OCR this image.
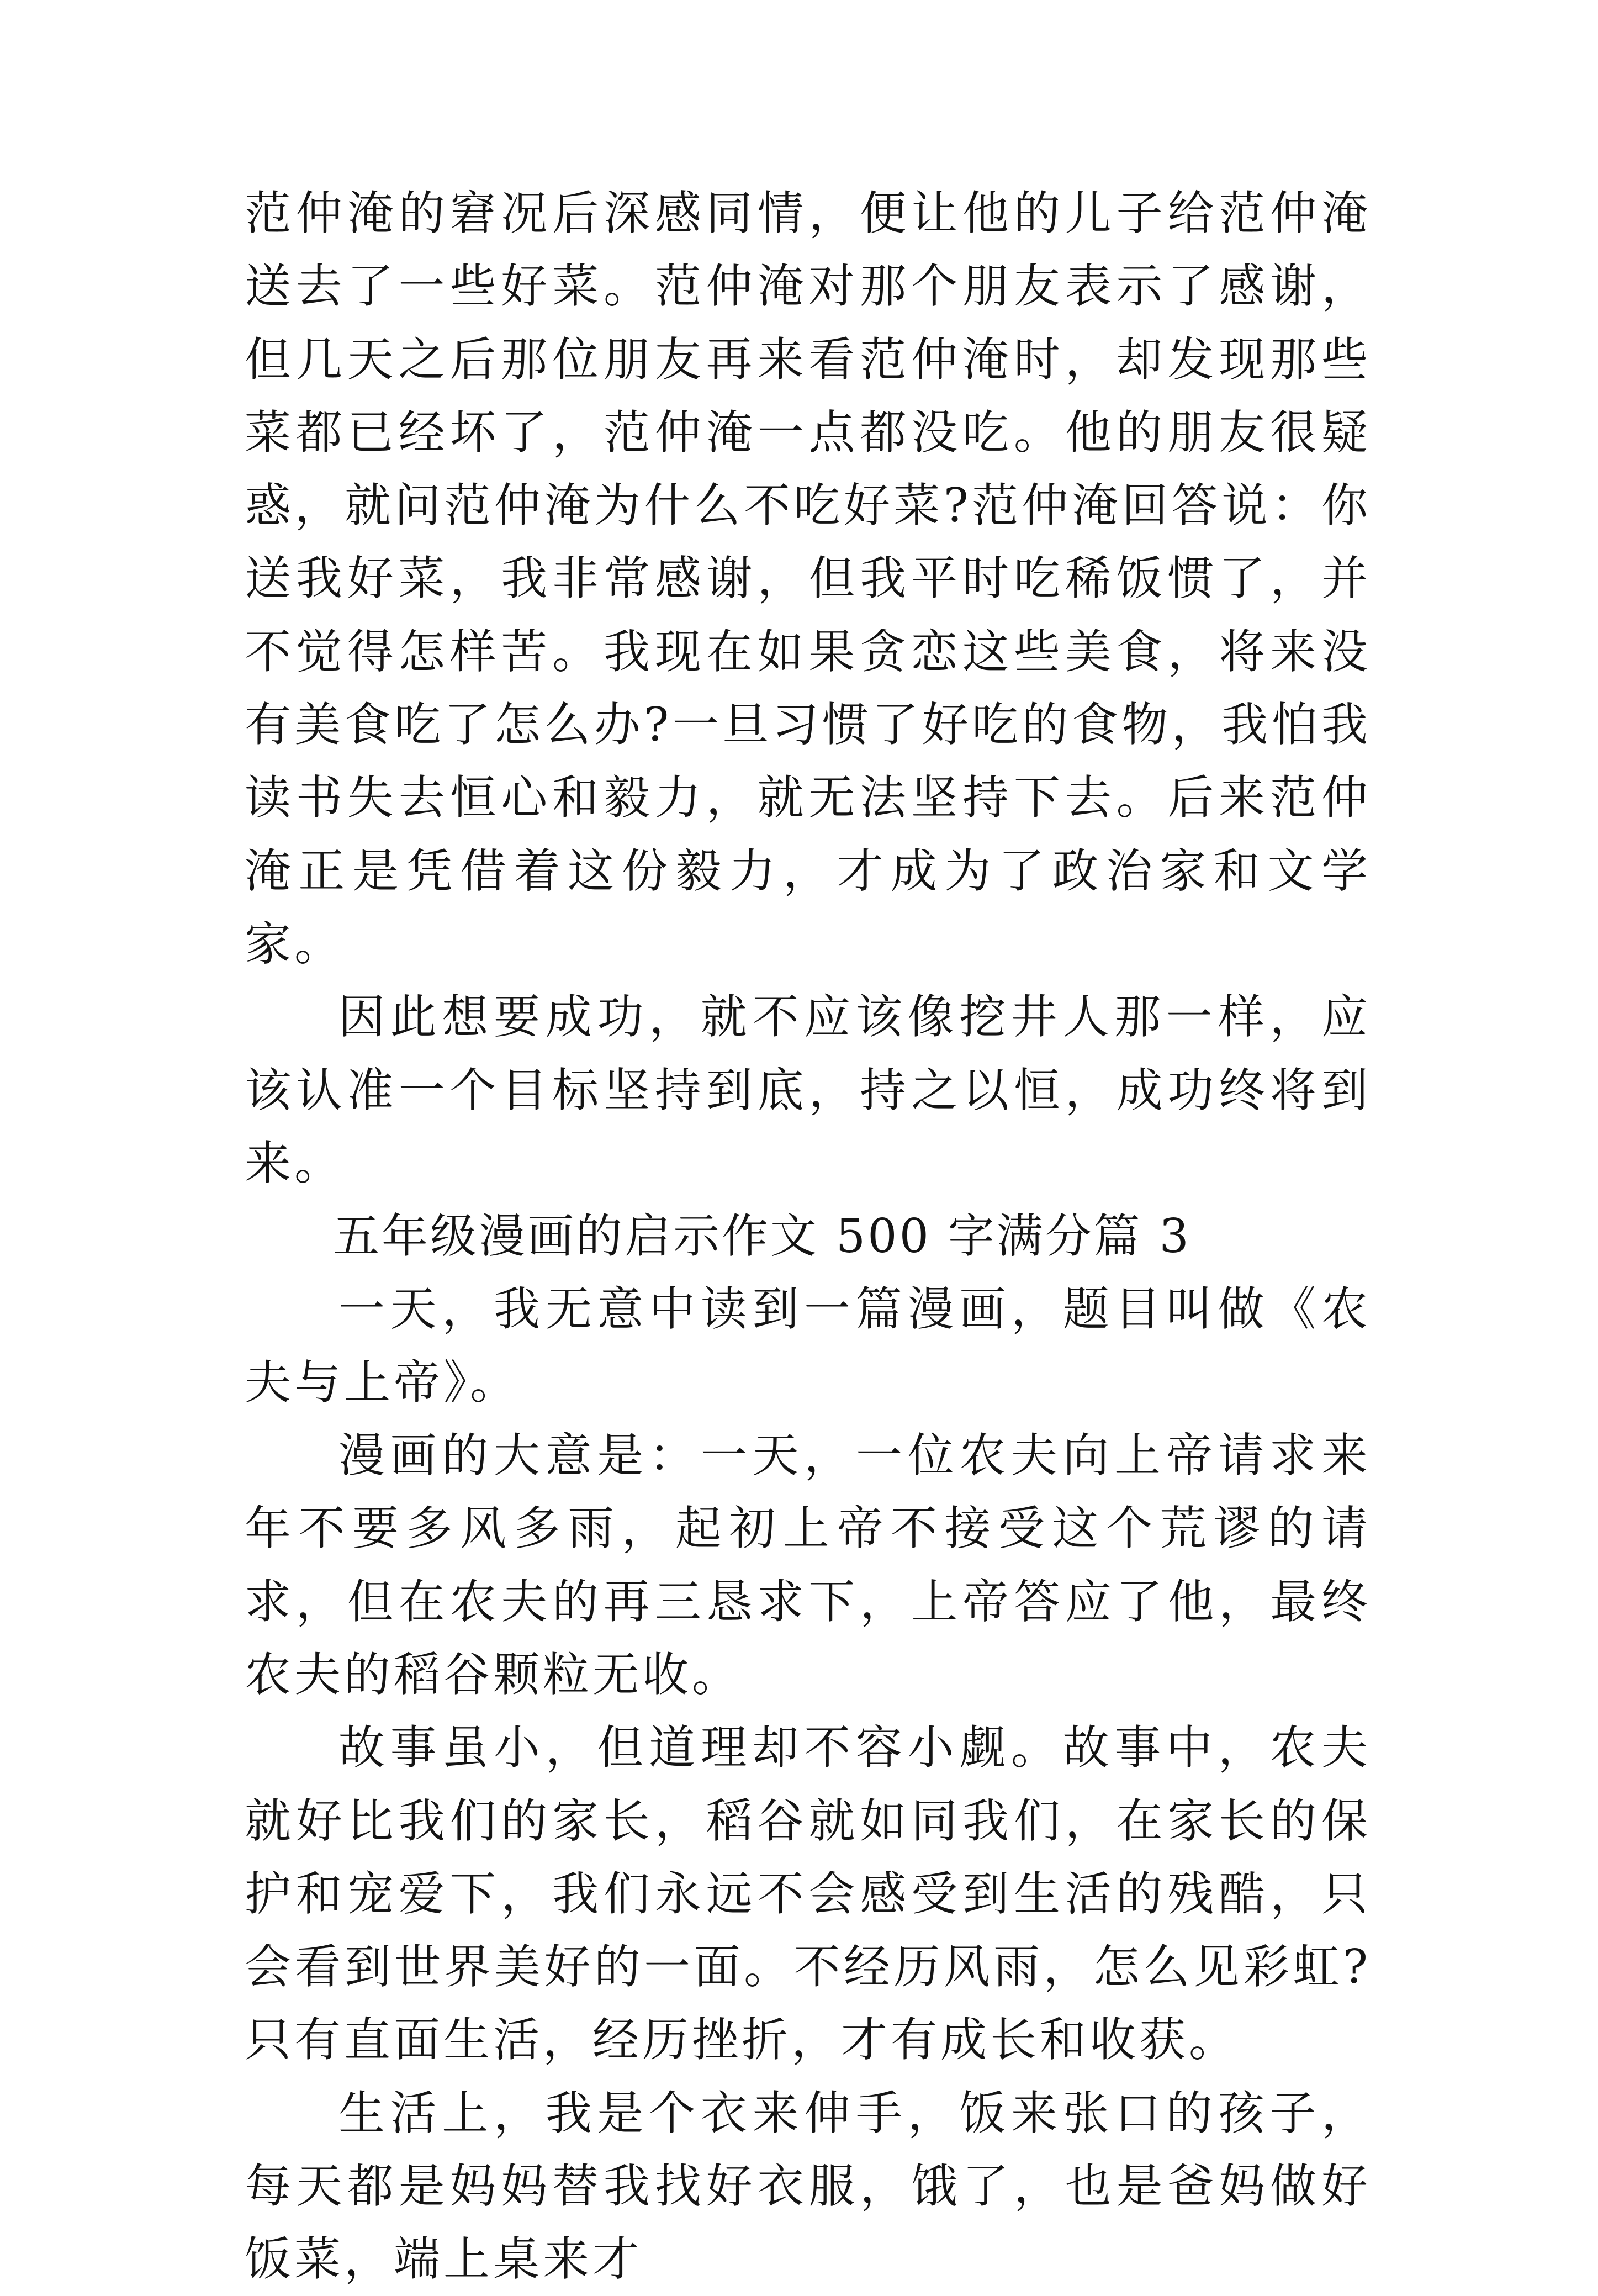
范仲淹的窘况后深感同情，便让他的儿子给范仲淹送去了一些好菜。范仲淹对那个朋友表示了感谢，但几天之后那位朋友再来看范仲淹时，却发现那些菜都已经坏了，范仲淹一点都没吃。他的朋友很疑惑，就问范仲淹为什么不吃好菜?范仲淹回答说：你送我好菜，我非常感谢，但我平时吃稀饭惯了，并不觉得怎样苦。我现在如果贪恋这些美食，将来没有美食吃了怎么办?一旦习惯了好吃的食物，我怕我读书失去恒心和毅力，就无法坚持下去。后来范仲淹正是凭借着这份毅力，才成为了政治家和文学家。

因此想要成功，就不应该像挖井人那一样，应该认准一个目标坚持到底，持之以恒，成功终将到来。

五年级漫画的启示作文 500 字满分篇 3

一天，我无意中读到一篇漫画，题目叫做《农夫与上帝》。

漫画的大意是：一天，一位农夫向上帝请求来年不要多风多雨，起初上帝不接受这个荒谬的请求，但在农夫的再三恳求下，上帝答应了他，最终农夫的稻谷颗粒无收。

故事虽小，但道理却不容小觑。故事中，农夫就好比我们的家长，稻谷就如同我们，在家长的保护和宠爱下，我们永远不会感受到生活的残酷，只会看到世界美好的一面。不经历风雨，怎么见彩虹?只有直面生活，经历挫折，才有成长和收获。

生活上，我是个衣来伸手，饭来张口的孩子，每天都是妈妈替我找好衣服，饿了，也是爸妈做好饭菜，端上桌来才
